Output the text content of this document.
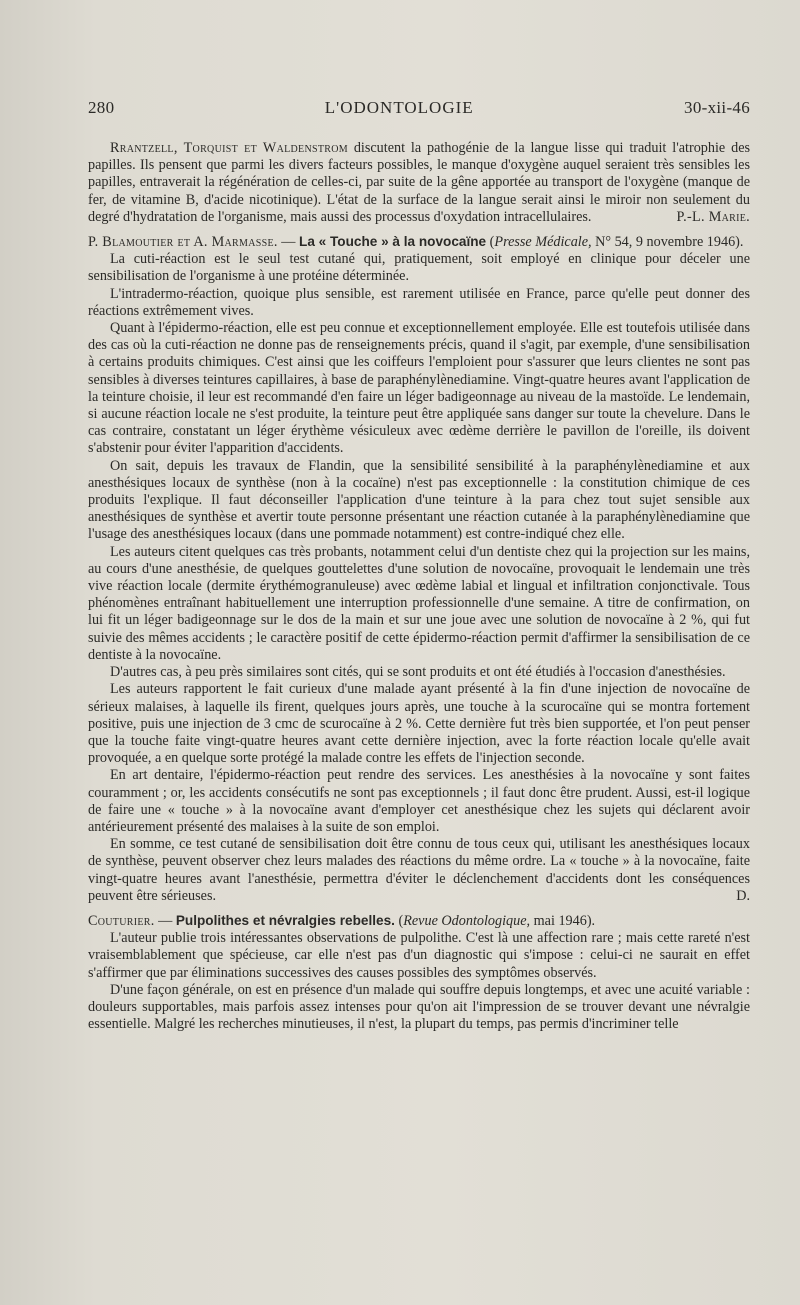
280	L'ODONTOLOGIE	30-xii-46

Rrantzell, Torquist et Waldenstrom discutent la pathogénie de la langue lisse qui traduit l'atrophie des papilles. Ils pensent que parmi les divers facteurs possibles, le manque d'oxygène auquel seraient très sensibles les papilles, entraverait la régénération de celles-ci, par suite de la gêne apportée au transport de l'oxygène (manque de fer, de vitamine B, d'acide nicotinique). L'état de la surface de la langue serait ainsi le miroir non seulement du degré d'hydratation de l'organisme, mais aussi des processus d'oxydation intracellulaires.	P.-L. Marie.

P. Blamoutier et A. Marmasse. — La « Touche » à la novocaïne (Presse Médicale, N° 54, 9 novembre 1946).

La cuti-réaction est le seul test cutané qui, pratiquement, soit employé en clinique pour déceler une sensibilisation de l'organisme à une protéine déterminée.

L'intradermo-réaction, quoique plus sensible, est rarement utilisée en France, parce qu'elle peut donner des réactions extrêmement vives.

Quant à l'épidermo-réaction, elle est peu connue et exceptionnellement employée. Elle est toutefois utilisée dans des cas où la cuti-réaction ne donne pas de renseignements précis, quand il s'agit, par exemple, d'une sensibilisation à certains produits chimiques. C'est ainsi que les coiffeurs l'emploient pour s'assurer que leurs clientes ne sont pas sensibles à diverses teintures capillaires, à base de paraphénylènediamine. Vingt-quatre heures avant l'application de la teinture choisie, il leur est recommandé d'en faire un léger badigeonnage au niveau de la mastoïde. Le lendemain, si aucune réaction locale ne s'est produite, la teinture peut être appliquée sans danger sur toute la chevelure. Dans le cas contraire, constatant un léger érythème vésiculeux avec œdème derrière le pavillon de l'oreille, ils doivent s'abstenir pour éviter l'apparition d'accidents.

On sait, depuis les travaux de Flandin, que la sensibilité sensibilité à la paraphénylènediamine et aux anesthésiques locaux de synthèse (non à la cocaïne) n'est pas exceptionnelle : la constitution chimique de ces produits l'explique. Il faut déconseiller l'application d'une teinture à la para chez tout sujet sensible aux anesthésiques de synthèse et avertir toute personne présentant une réaction cutanée à la paraphénylènediamine que l'usage des anesthésiques locaux (dans une pommade notamment) est contre-indiqué chez elle.

Les auteurs citent quelques cas très probants, notamment celui d'un dentiste chez qui la projection sur les mains, au cours d'une anesthésie, de quelques gouttelettes d'une solution de novocaïne, provoquait le lendemain une très vive réaction locale (dermite érythémogranuleuse) avec œdème labial et lingual et infiltration conjonctivale. Tous phénomènes entraînant habituellement une interruption professionnelle d'une semaine. A titre de confirmation, on lui fit un léger badigeonnage sur le dos de la main et sur une joue avec une solution de novocaïne à 2 %, qui fut suivie des mêmes accidents ; le caractère positif de cette épidermo-réaction permit d'affirmer la sensibilisation de ce dentiste à la novocaïne.

D'autres cas, à peu près similaires sont cités, qui se sont produits et ont été étudiés à l'occasion d'anesthésies.

Les auteurs rapportent le fait curieux d'une malade ayant présenté à la fin d'une injection de novocaïne de sérieux malaises, à laquelle ils firent, quelques jours après, une touche à la scurocaïne qui se montra fortement positive, puis une injection de 3 cmc de scurocaïne à 2 %. Cette dernière fut très bien supportée, et l'on peut penser que la touche faite vingt-quatre heures avant cette dernière injection, avec la forte réaction locale qu'elle avait provoquée, a en quelque sorte protégé la malade contre les effets de l'injection seconde.

En art dentaire, l'épidermo-réaction peut rendre des services. Les anesthésies à la novocaïne y sont faites couramment ; or, les accidents consécutifs ne sont pas exceptionnels ; il faut donc être prudent. Aussi, est-il logique de faire une « touche » à la novocaïne avant d'employer cet anesthésique chez les sujets qui déclarent avoir antérieurement présenté des malaises à la suite de son emploi.

En somme, ce test cutané de sensibilisation doit être connu de tous ceux qui, utilisant les anesthésiques locaux de synthèse, peuvent observer chez leurs malades des réactions du même ordre. La « touche » à la novocaïne, faite vingt-quatre heures avant l'anesthésie, permettra d'éviter le déclenchement d'accidents dont les conséquences peuvent être sérieuses.	D.

Couturier. — Pulpolithes et névralgies rebelles. (Revue Odontologique, mai 1946).

L'auteur publie trois intéressantes observations de pulpolithe. C'est là une affection rare ; mais cette rareté n'est vraisemblablement que spécieuse, car elle n'est pas d'un diagnostic qui s'impose : celui-ci ne saurait en effet s'affirmer que par éliminations successives des causes possibles des symptômes observés.

D'une façon générale, on est en présence d'un malade qui souffre depuis longtemps, et avec une acuité variable : douleurs supportables, mais parfois assez intenses pour qu'on ait l'impression de se trouver devant une névralgie essentielle. Malgré les recherches minutieuses, il n'est, la plupart du temps, pas permis d'incriminer telle
